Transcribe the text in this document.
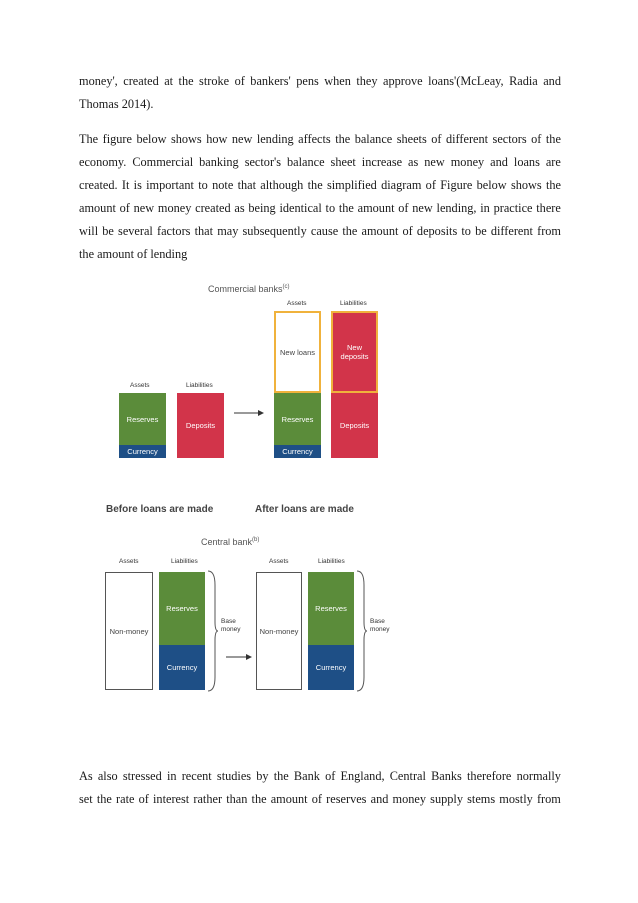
money', created at the stroke of bankers' pens when they approve loans'(McLeay, Radia and
Thomas 2014).
The figure below shows how new lending affects the balance sheets of different sectors of the
economy. Commercial banking sector's balance sheet increase as new money and loans are
created. It is important to note that although the simplified diagram of Figure below shows the
amount of new money created as being identical to the amount of new lending, in practice there
will be several factors that may subsequently cause the amount of deposits to be different from
the amount of lending
Commercial banks$^{(c)}$
Assets	Liabilities
Reserves
Currency
Deposits
Assets	Liabilities
New loans	New
deposits
Reserves
Currency
Deposits
Before loans are made	After loans are made
Central bank$^{(b)}$
Assets	Liabilities
Non-money
Reserves
Currency
Base
money
Assets	Liabilities
Non-money
Reserves
Currency
Base
money
As also stressed in recent studies by the Bank of England, Central Banks therefore normally
set the rate of interest rather than the amount of reserves and money supply stems mostly from
